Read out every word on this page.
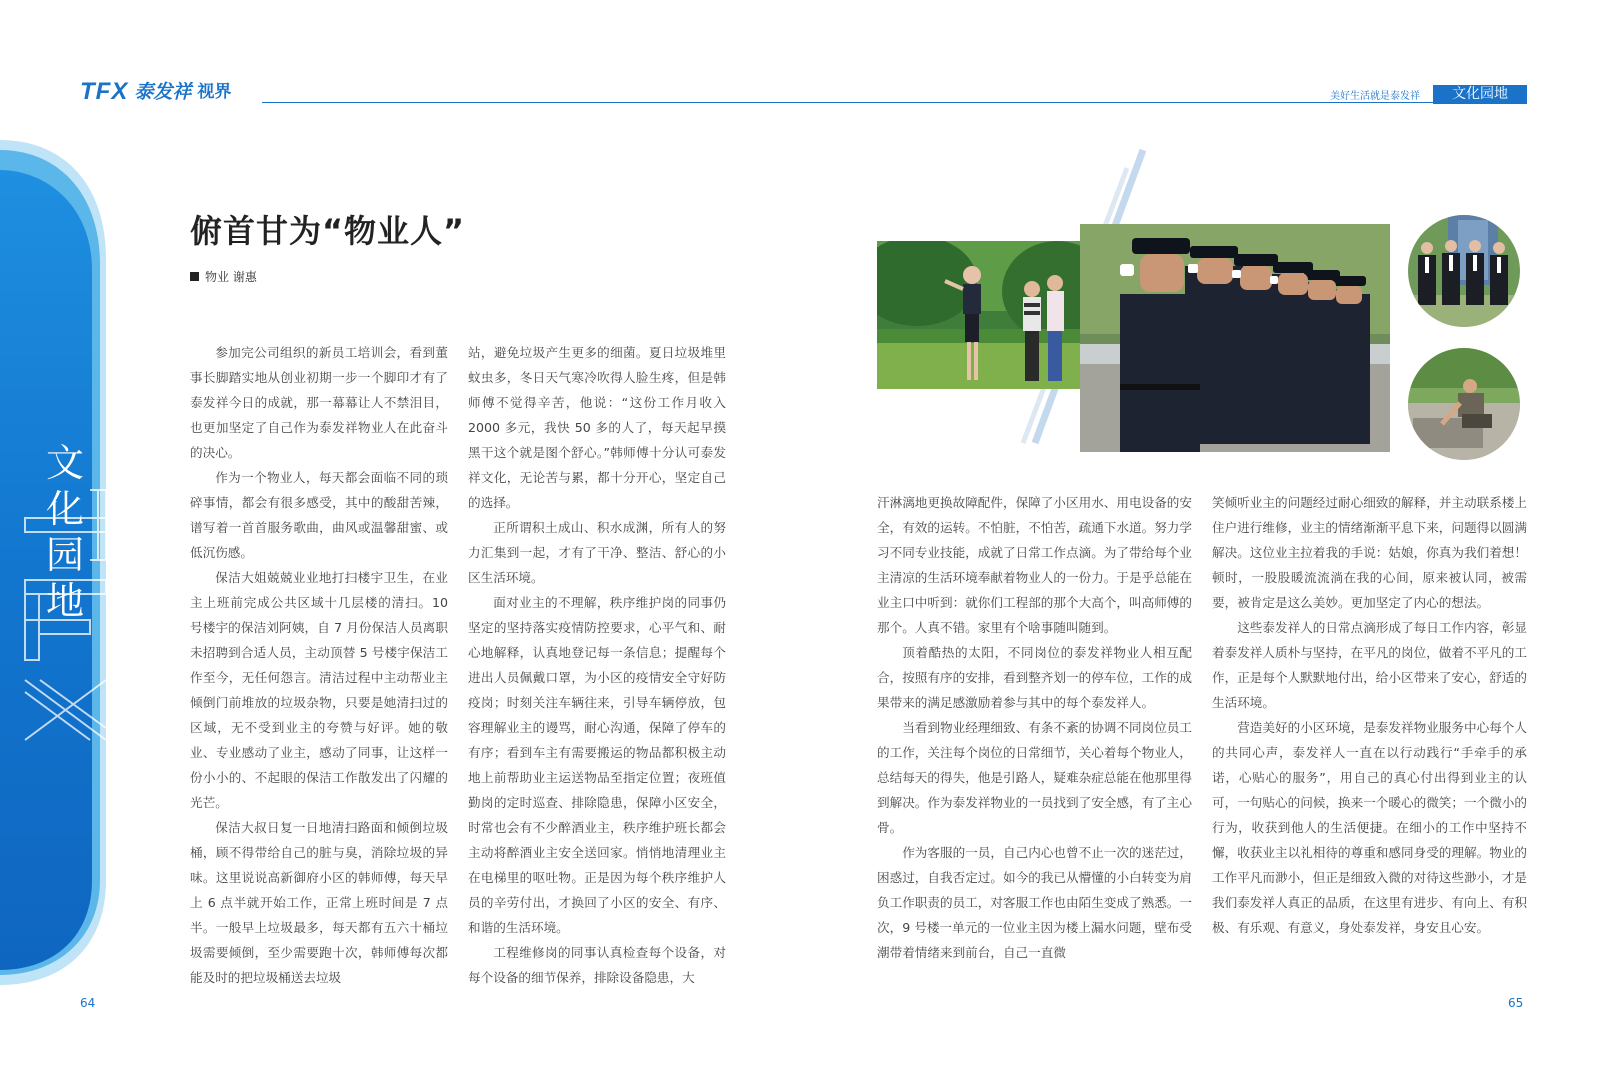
TFX 泰发祥 视界	美好生活就是泰发祥	文化园地
文化园地
俯首甘为“物业人”
物业 谢惠

参加完公司组织的新员工培训会，看到董事长脚踏实地从创业初期一步一个脚印才有了泰发祥今日的成就，那一幕幕让人不禁泪目，也更加坚定了自己作为泰发祥物业人在此奋斗的决心。

作为一个物业人，每天都会面临不同的琐碎事情，都会有很多感受，其中的酸甜苦辣，谱写着一首首服务歌曲，曲风或温馨甜蜜、或低沉伤感。

保洁大姐兢兢业业地打扫楼宇卫生，在业主上班前完成公共区域十几层楼的清扫。10 号楼宇的保洁刘阿姨，自 7 月份保洁人员离职未招聘到合适人员，主动顶替 5 号楼宇保洁工作至今，无任何怨言。清洁过程中主动帮业主倾倒门前堆放的垃圾杂物，只要是她清扫过的区域，无不受到业主的夸赞与好评。她的敬业、专业感动了业主，感动了同事，让这样一份小小的、不起眼的保洁工作散发出了闪耀的光芒。

保洁大叔日复一日地清扫路面和倾倒垃圾桶，顾不得带给自己的脏与臭，消除垃圾的异味。这里说说高新御府小区的韩师傅，每天早上 6 点半就开始工作，正常上班时间是 7 点半。一般早上垃圾最多，每天都有五六十桶垃圾需要倾倒，至少需要跑十次，韩师傅每次都能及时的把垃圾桶送去垃圾

站，避免垃圾产生更多的细菌。夏日垃圾堆里蚊虫多，冬日天气寒冷吹得人脸生疼，但是韩师傅不觉得辛苦，他说：“这份工作月收入 2000 多元，我快 50 多的人了，每天起早摸黑干这个就是图个舒心。”韩师傅十分认可泰发祥文化，无论苦与累，都十分开心，坚定自己的选择。

正所谓积土成山、积水成渊，所有人的努力汇集到一起，才有了干净、整洁、舒心的小区生活环境。

面对业主的不理解，秩序维护岗的同事仍坚定的坚持落实疫情防控要求，心平气和、耐心地解释，认真地登记每一条信息；提醒每个进出人员佩戴口罩，为小区的疫情安全守好防疫岗；时刻关注车辆往来，引导车辆停放，包容理解业主的谩骂，耐心沟通，保障了停车的有序；看到车主有需要搬运的物品都积极主动地上前帮助业主运送物品至指定位置；夜班值勤岗的定时巡查、排除隐患，保障小区安全，时常也会有不少醉酒业主，秩序维护班长都会主动将醉酒业主安全送回家。悄悄地清理业主在电梯里的呕吐物。正是因为每个秩序维护人员的辛劳付出，才换回了小区的安全、有序、和谐的生活环境。

工程维修岗的同事认真检查每个设备，对每个设备的细节保养，排除设备隐患，大

汗淋漓地更换故障配件，保障了小区用水、用电设备的安全，有效的运转。不怕脏，不怕苦，疏通下水道。努力学习不同专业技能，成就了日常工作点滴。为了带给每个业主清凉的生活环境奉献着物业人的一份力。于是乎总能在业主口中听到：就你们工程部的那个大高个，叫高师傅的那个。人真不错。家里有个啥事随叫随到。

顶着酷热的太阳，不同岗位的泰发祥物业人相互配合，按照有序的安排，看到整齐划一的停车位，工作的成果带来的满足感激励着参与其中的每个泰发祥人。

当看到物业经理细致、有条不紊的协调不同岗位员工的工作，关注每个岗位的日常细节，关心着每个物业人，总结每天的得失，他是引路人，疑难杂症总能在他那里得到解决。作为泰发祥物业的一员找到了安全感，有了主心骨。

作为客服的一员，自己内心也曾不止一次的迷茫过，困惑过，自我否定过。如今的我已从懵懂的小白转变为肩负工作职责的员工，对客服工作也由陌生变成了熟悉。一次，9 号楼一单元的一位业主因为楼上漏水问题，壁布受潮带着情绪来到前台，自己一直微

笑倾听业主的问题经过耐心细致的解释，并主动联系楼上住户进行维修，业主的情绪渐渐平息下来，问题得以圆满解决。这位业主拉着我的手说：姑娘，你真为我们着想！顿时，一股股暖流流淌在我的心间，原来被认同，被需要，被肯定是这么美妙。更加坚定了内心的想法。

这些泰发祥人的日常点滴形成了每日工作内容，彰显着泰发祥人质朴与坚持，在平凡的岗位，做着不平凡的工作，正是每个人默默地付出，给小区带来了安心，舒适的生活环境。

营造美好的小区环境，是泰发祥物业服务中心每个人的共同心声，泰发祥人一直在以行动践行“手牵手的承诺，心贴心的服务”，用自己的真心付出得到业主的认可，一句贴心的问候，换来一个暖心的微笑；一个微小的行为，收获到他人的生活便捷。在细小的工作中坚持不懈，收获业主以礼相待的尊重和感同身受的理解。物业的工作平凡而渺小，但正是细致入微的对待这些渺小，才是我们泰发祥人真正的品质，在这里有进步、有向上、有积极、有乐观、有意义，身处泰发祥，身安且心安。

64	65
